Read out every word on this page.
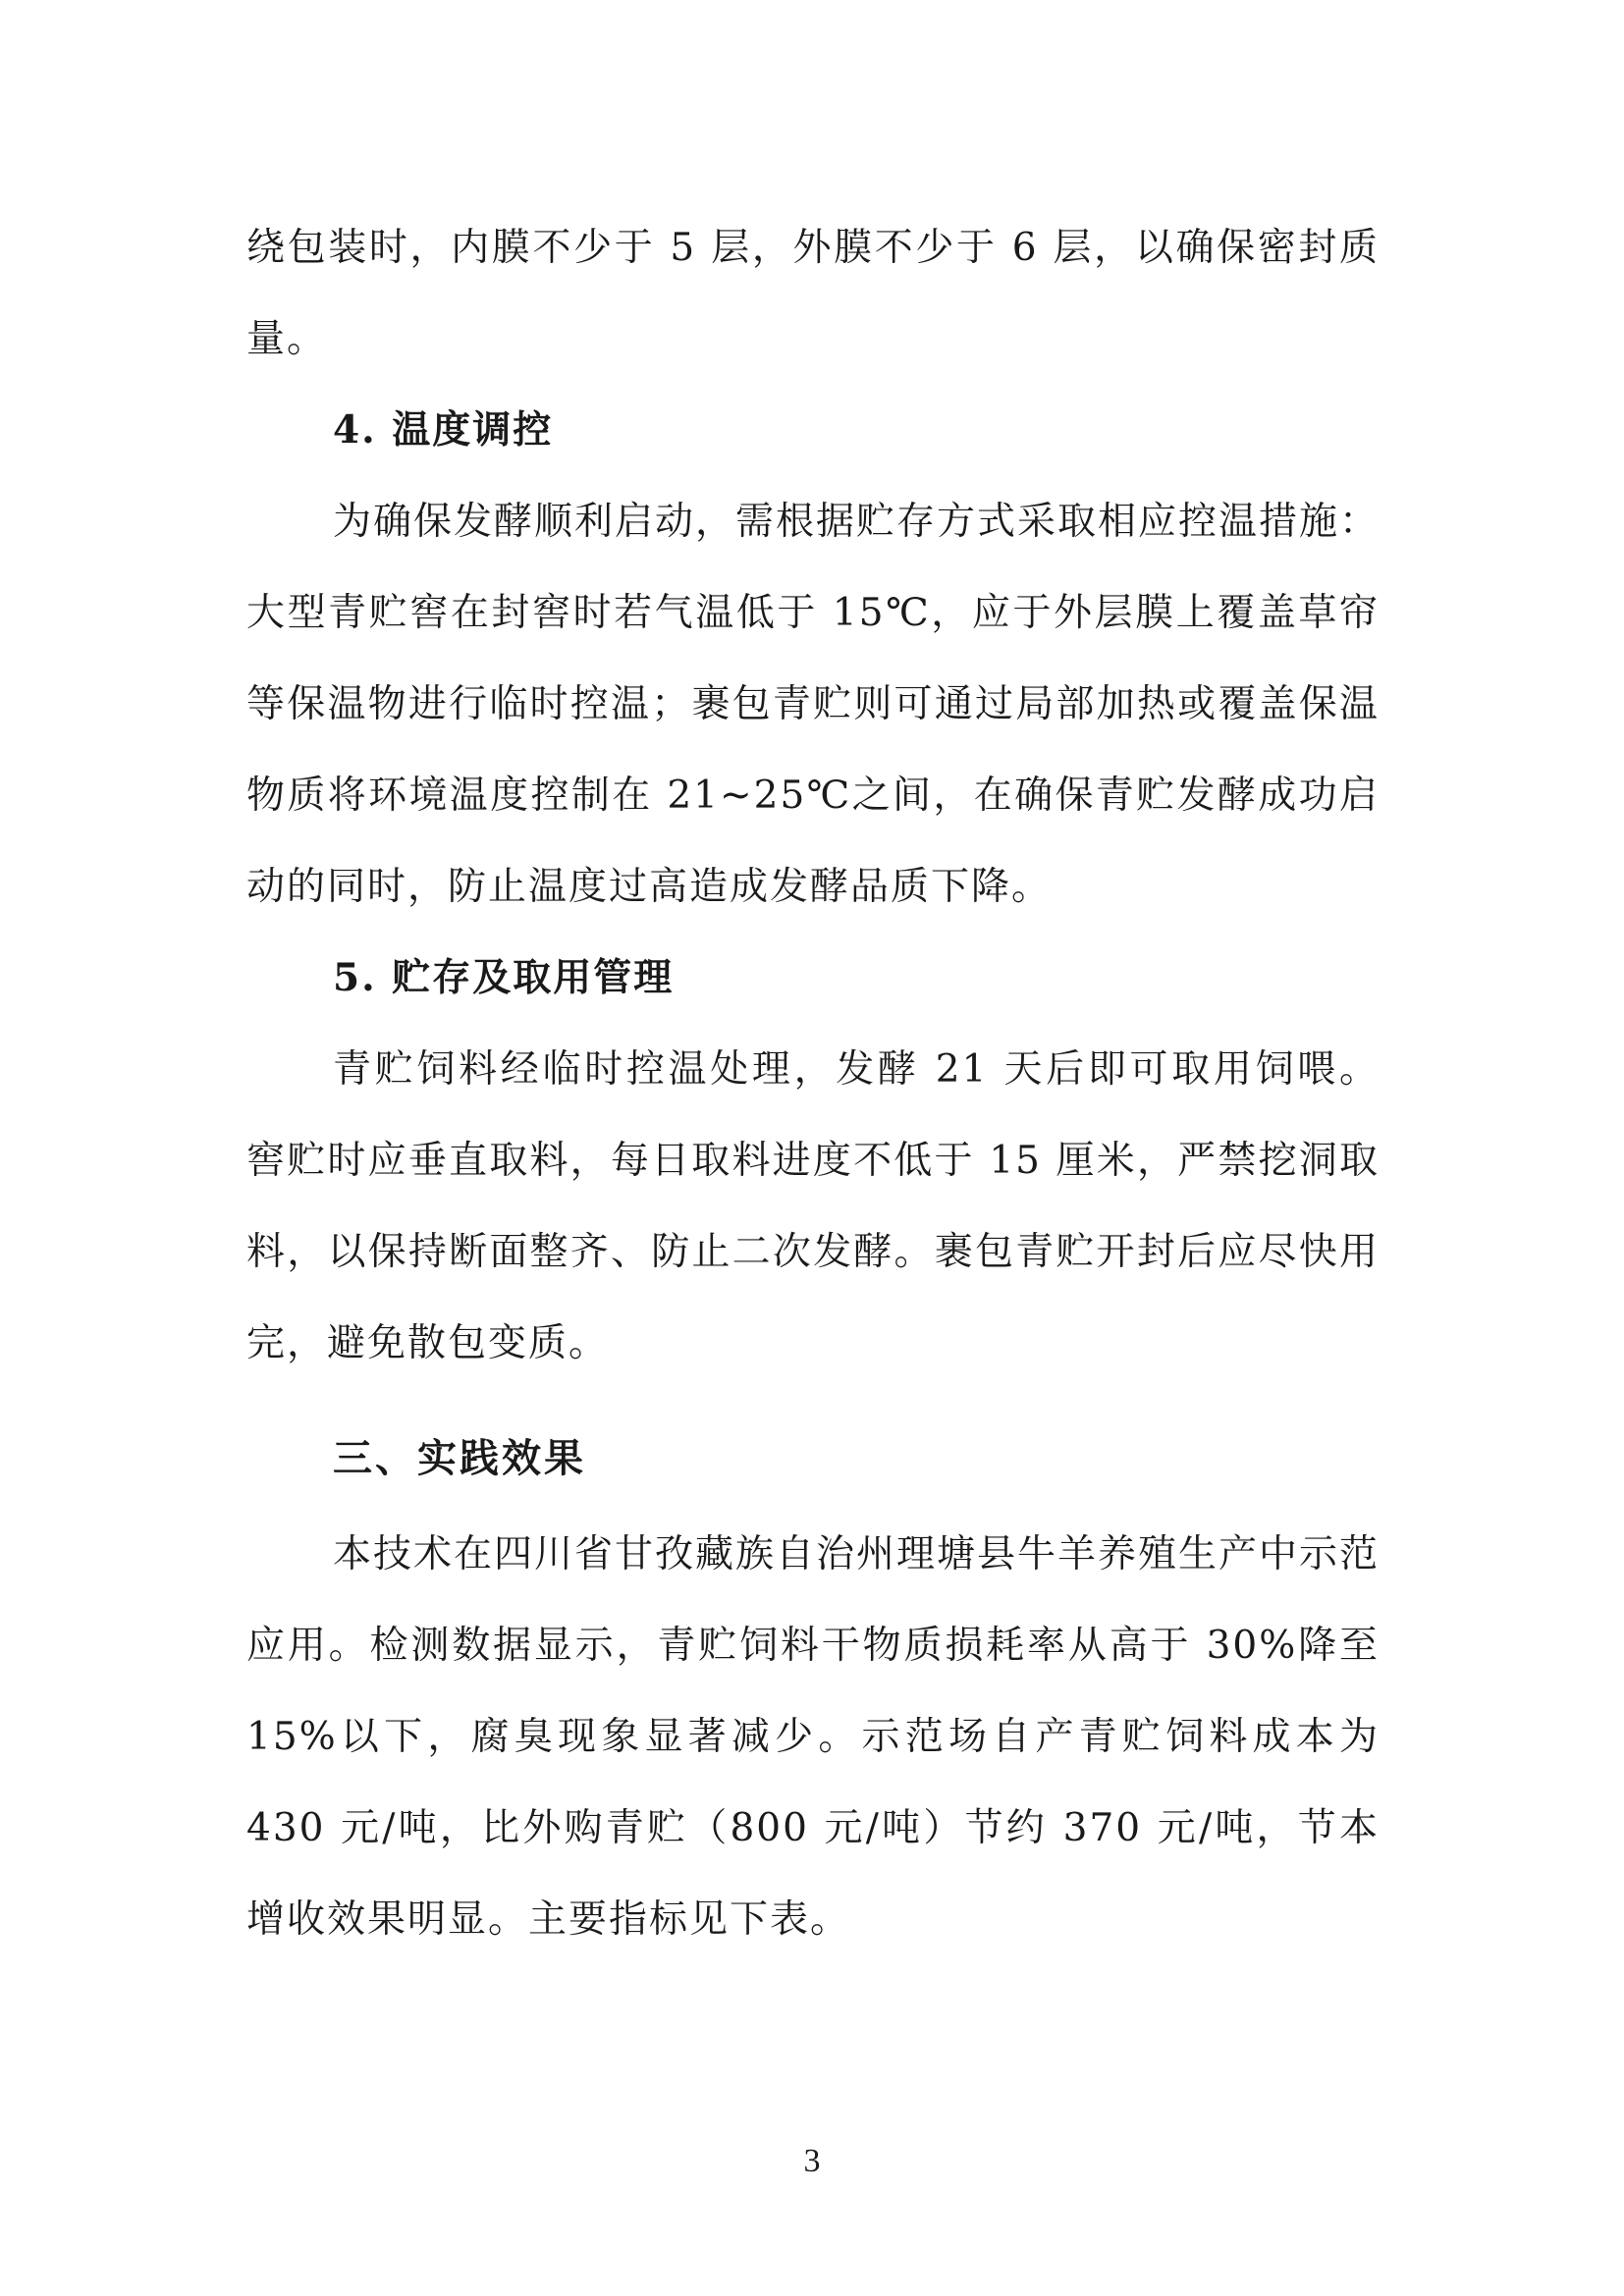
绕包装时，内膜不少于 5 层，外膜不少于 6 层，以确保密封质量。

4. 温度调控

为确保发酵顺利启动，需根据贮存方式采取相应控温措施：大型青贮窖在封窖时若气温低于 15℃，应于外层膜上覆盖草帘等保温物进行临时控温；裹包青贮则可通过局部加热或覆盖保温物质将环境温度控制在 21~25℃之间，在确保青贮发酵成功启动的同时，防止温度过高造成发酵品质下降。

5. 贮存及取用管理

青贮饲料经临时控温处理，发酵 21 天后即可取用饲喂。窖贮时应垂直取料，每日取料进度不低于 15 厘米，严禁挖洞取料，以保持断面整齐、防止二次发酵。裹包青贮开封后应尽快用完，避免散包变质。

三、实践效果

本技术在四川省甘孜藏族自治州理塘县牛羊养殖生产中示范应用。检测数据显示，青贮饲料干物质损耗率从高于 30%降至 15%以下，腐臭现象显著减少。示范场自产青贮饲料成本为 430 元/吨，比外购青贮（800 元/吨）节约 370 元/吨，节本增收效果明显。主要指标见下表。

3
